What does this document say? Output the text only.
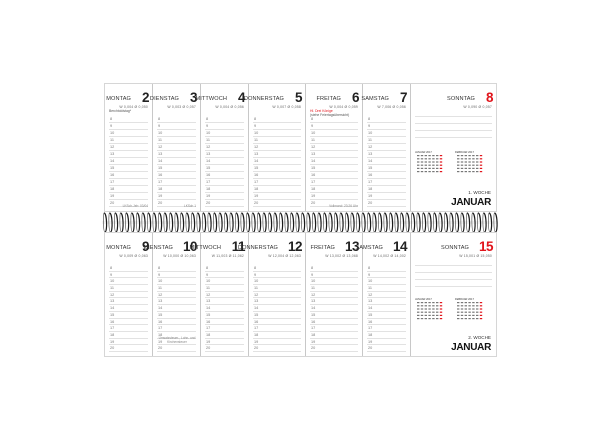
MONTAG 2
W 0,004 Ø 0,050
Berchtoldstag*
8
9
10
11
12
13
14
15
16
17
18
19
20
LKSch-Jeh: 03/04
DIENSTAG 3
W 0,003 Ø 0,057
8
9
10
11
12
13
14
15
16
17
18
19
20
LKSch 1
MITTWOCH 4
W 0,004 Ø 0,056
8
9
10
11
12
13
14
15
16
17
18
19
20
DONNERSTAG 5
W 0,007 Ø 0,058
8
9
10
11
12
13
14
15
16
17
18
19
20
FREITAG 6
W 0,004 Ø 0,059
Hl. Drei Könige
(siehe Feiertagsübersicht)
8
9
10
11
12
13
14
15
16
17
18
19
20
Vollmond: 23:26 Uhr
SAMSTAG 7
W 7,006 Ø 0,056
8
9
10
11
12
13
14
15
16
17
18
19
20
SONNTAG 8
W 0,090 Ø 0,057
JANUAR 2017	FEBRUAR 2017
1. WOCHE
JANUAR
MONTAG 9
W 0,009 Ø 0,063
8
9
10
11
12
13
14
15
16
17
18
19
20
DIENSTAG 10
W 10,000 Ø 10,063
8
9
10
11
12
13
14
15
16
17
18
19
20
Umsatzsteuer-, Lohn- und Kirchensteuer
MITTWOCH 11
W 11,003 Ø 11,062
8
9
10
11
12
13
14
15
16
17
18
19
20
DONNERSTAG 12
W 12,004 Ø 12,063
8
9
10
11
12
13
14
15
16
17
18
19
20
FREITAG 13
W 13,002 Ø 13,068
8
9
10
11
12
13
14
15
16
17
18
19
20
SAMSTAG 14
W 14,002 Ø 14,002
8
9
10
11
12
13
14
15
16
17
18
19
20
SONNTAG 15
W 15,001 Ø 15,050
JANUAR 2017	FEBRUAR 2017
2. WOCHE
JANUAR
